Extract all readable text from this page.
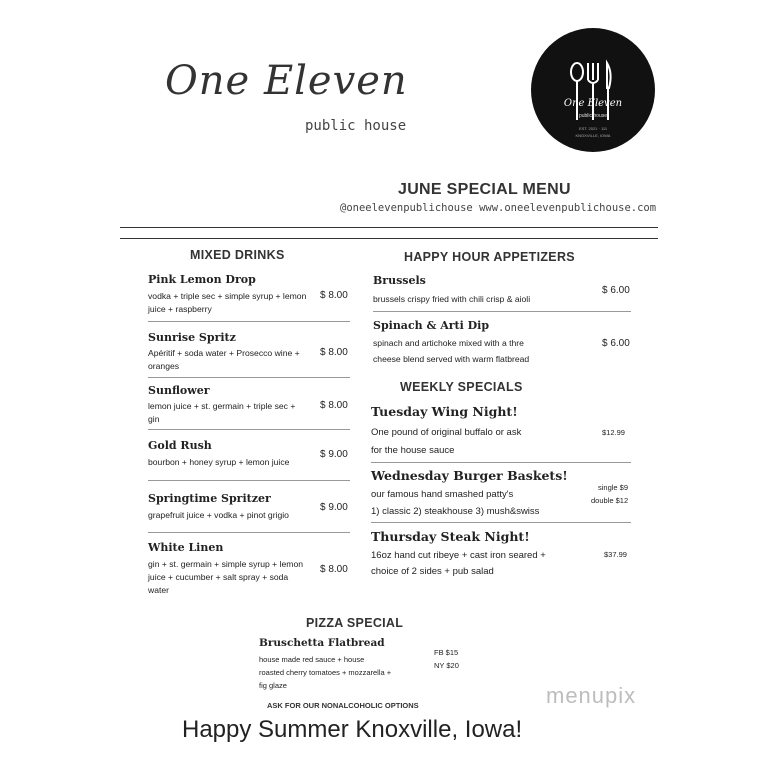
One Eleven
public house
One Eleven
public house
EST. 2021 · 111
KNOXVILLE, IOWA
JUNE SPECIAL MENU
@oneelevenpublichouse www.oneelevenpublichouse.com
MIXED DRINKS
Pink Lemon Drop
vodka + triple sec + simple syrup + lemon
juice + raspberry
$ 8.00
Sunrise Spritz
Apéritif + soda water + Prosecco wine +
oranges
$ 8.00
Sunflower
lemon juice + st. germain + triple sec +
gin
$ 8.00
Gold Rush
bourbon + honey syrup + lemon juice
$ 9.00
Springtime Spritzer
grapefruit juice + vodka + pinot grigio
$ 9.00
White Linen
gin + st. germain + simple syrup + lemon
juice + cucumber + salt spray + soda
water
$ 8.00
HAPPY HOUR APPETIZERS
Brussels
brussels crispy fried with chili crisp & aioli
$ 6.00
Spinach & Arti Dip
spinach and artichoke mixed with a thre
cheese blend served with warm flatbread
$ 6.00
WEEKLY SPECIALS
Tuesday Wing Night!
One pound of original buffalo or ask
for the house sauce
$12.99
Wednesday Burger Baskets!
our famous hand smashed patty's
1) classic 2) steakhouse 3) mush&swiss
single $9
double $12
Thursday Steak Night!
16oz hand cut ribeye + cast iron seared +
choice of 2 sides + pub salad
$37.99
PIZZA SPECIAL
Bruschetta Flatbread
house made red sauce + house
roasted cherry tomatoes + mozzarella +
fig glaze
FB $15
NY $20
ASK FOR OUR NONALCOHOLIC OPTIONS
Happy Summer Knoxville, Iowa!
menupix
